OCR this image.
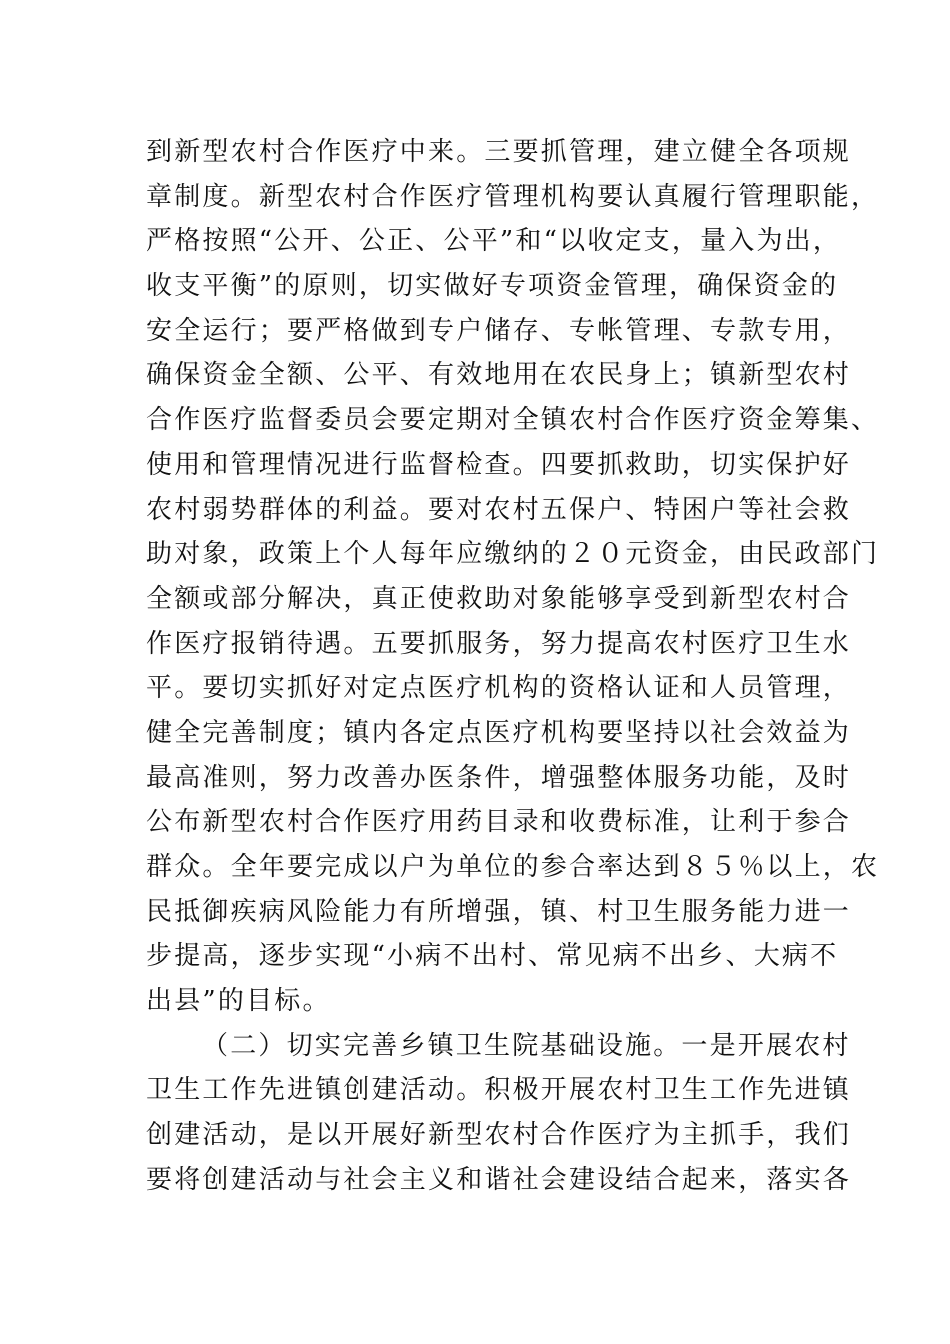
到新型农村合作医疗中来。三要抓管理，建立健全各项规
章制度。新型农村合作医疗管理机构要认真履行管理职能，
严格按照“公开、公正、公平”和“以收定支，量入为出，
收支平衡”的原则，切实做好专项资金管理，确保资金的
安全运行；要严格做到专户储存、专帐管理、专款专用，
确保资金全额、公平、有效地用在农民身上；镇新型农村
合作医疗监督委员会要定期对全镇农村合作医疗资金筹集、
使用和管理情况进行监督检查。四要抓救助，切实保护好
农村弱势群体的利益。要对农村五保户、特困户等社会救
助对象，政策上个人每年应缴纳的２０元资金，由民政部门
全额或部分解决，真正使救助对象能够享受到新型农村合
作医疗报销待遇。五要抓服务，努力提高农村医疗卫生水
平。要切实抓好对定点医疗机构的资格认证和人员管理，
健全完善制度；镇内各定点医疗机构要坚持以社会效益为
最高准则，努力改善办医条件，增强整体服务功能，及时
公布新型农村合作医疗用药目录和收费标准，让利于参合
群众。全年要完成以户为单位的参合率达到８５％以上，农
民抵御疾病风险能力有所增强，镇、村卫生服务能力进一
步提高，逐步实现“小病不出村、常见病不出乡、大病不
出县”的目标。
（二）切实完善乡镇卫生院基础设施。一是开展农村
卫生工作先进镇创建活动。积极开展农村卫生工作先进镇
创建活动，是以开展好新型农村合作医疗为主抓手，我们
要将创建活动与社会主义和谐社会建设结合起来，落实各
